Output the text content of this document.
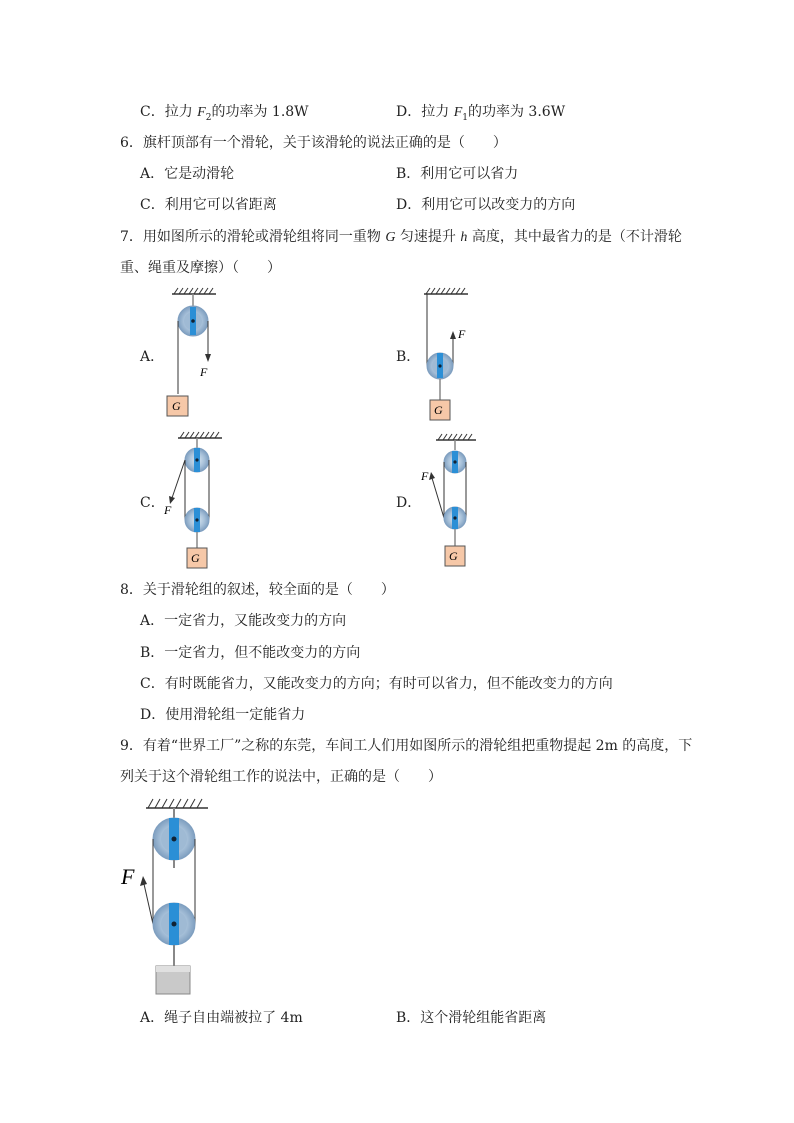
C．拉力 $F_2$的功率为 1.8W	D．拉力 $F_1$的功率为 3.6W
6．旗杆顶部有一个滑轮，关于该滑轮的说法正确的是（　　）
A．它是动滑轮	B．利用它可以省力
C．利用它可以省距离	D．利用它可以改变力的方向
7．用如图所示的滑轮或滑轮组将同一重物 G 匀速提升 h 高度，其中最省力的是（不计滑轮
重、绳重及摩擦）（　　）
A．	B．
C．	D．
F
G
F
G
F
G
F
G
8．关于滑轮组的叙述，较全面的是（　　）
A．一定省力，又能改变力的方向
B．一定省力，但不能改变力的方向
C．有时既能省力，又能改变力的方向；有时可以省力，但不能改变力的方向
D．使用滑轮组一定能省力
9．有着“世界工厂”之称的东莞，车间工人们用如图所示的滑轮组把重物提起 2m 的高度，下
列关于这个滑轮组工作的说法中，正确的是（　　）
F
A．绳子自由端被拉了 4m	B．这个滑轮组能省距离
